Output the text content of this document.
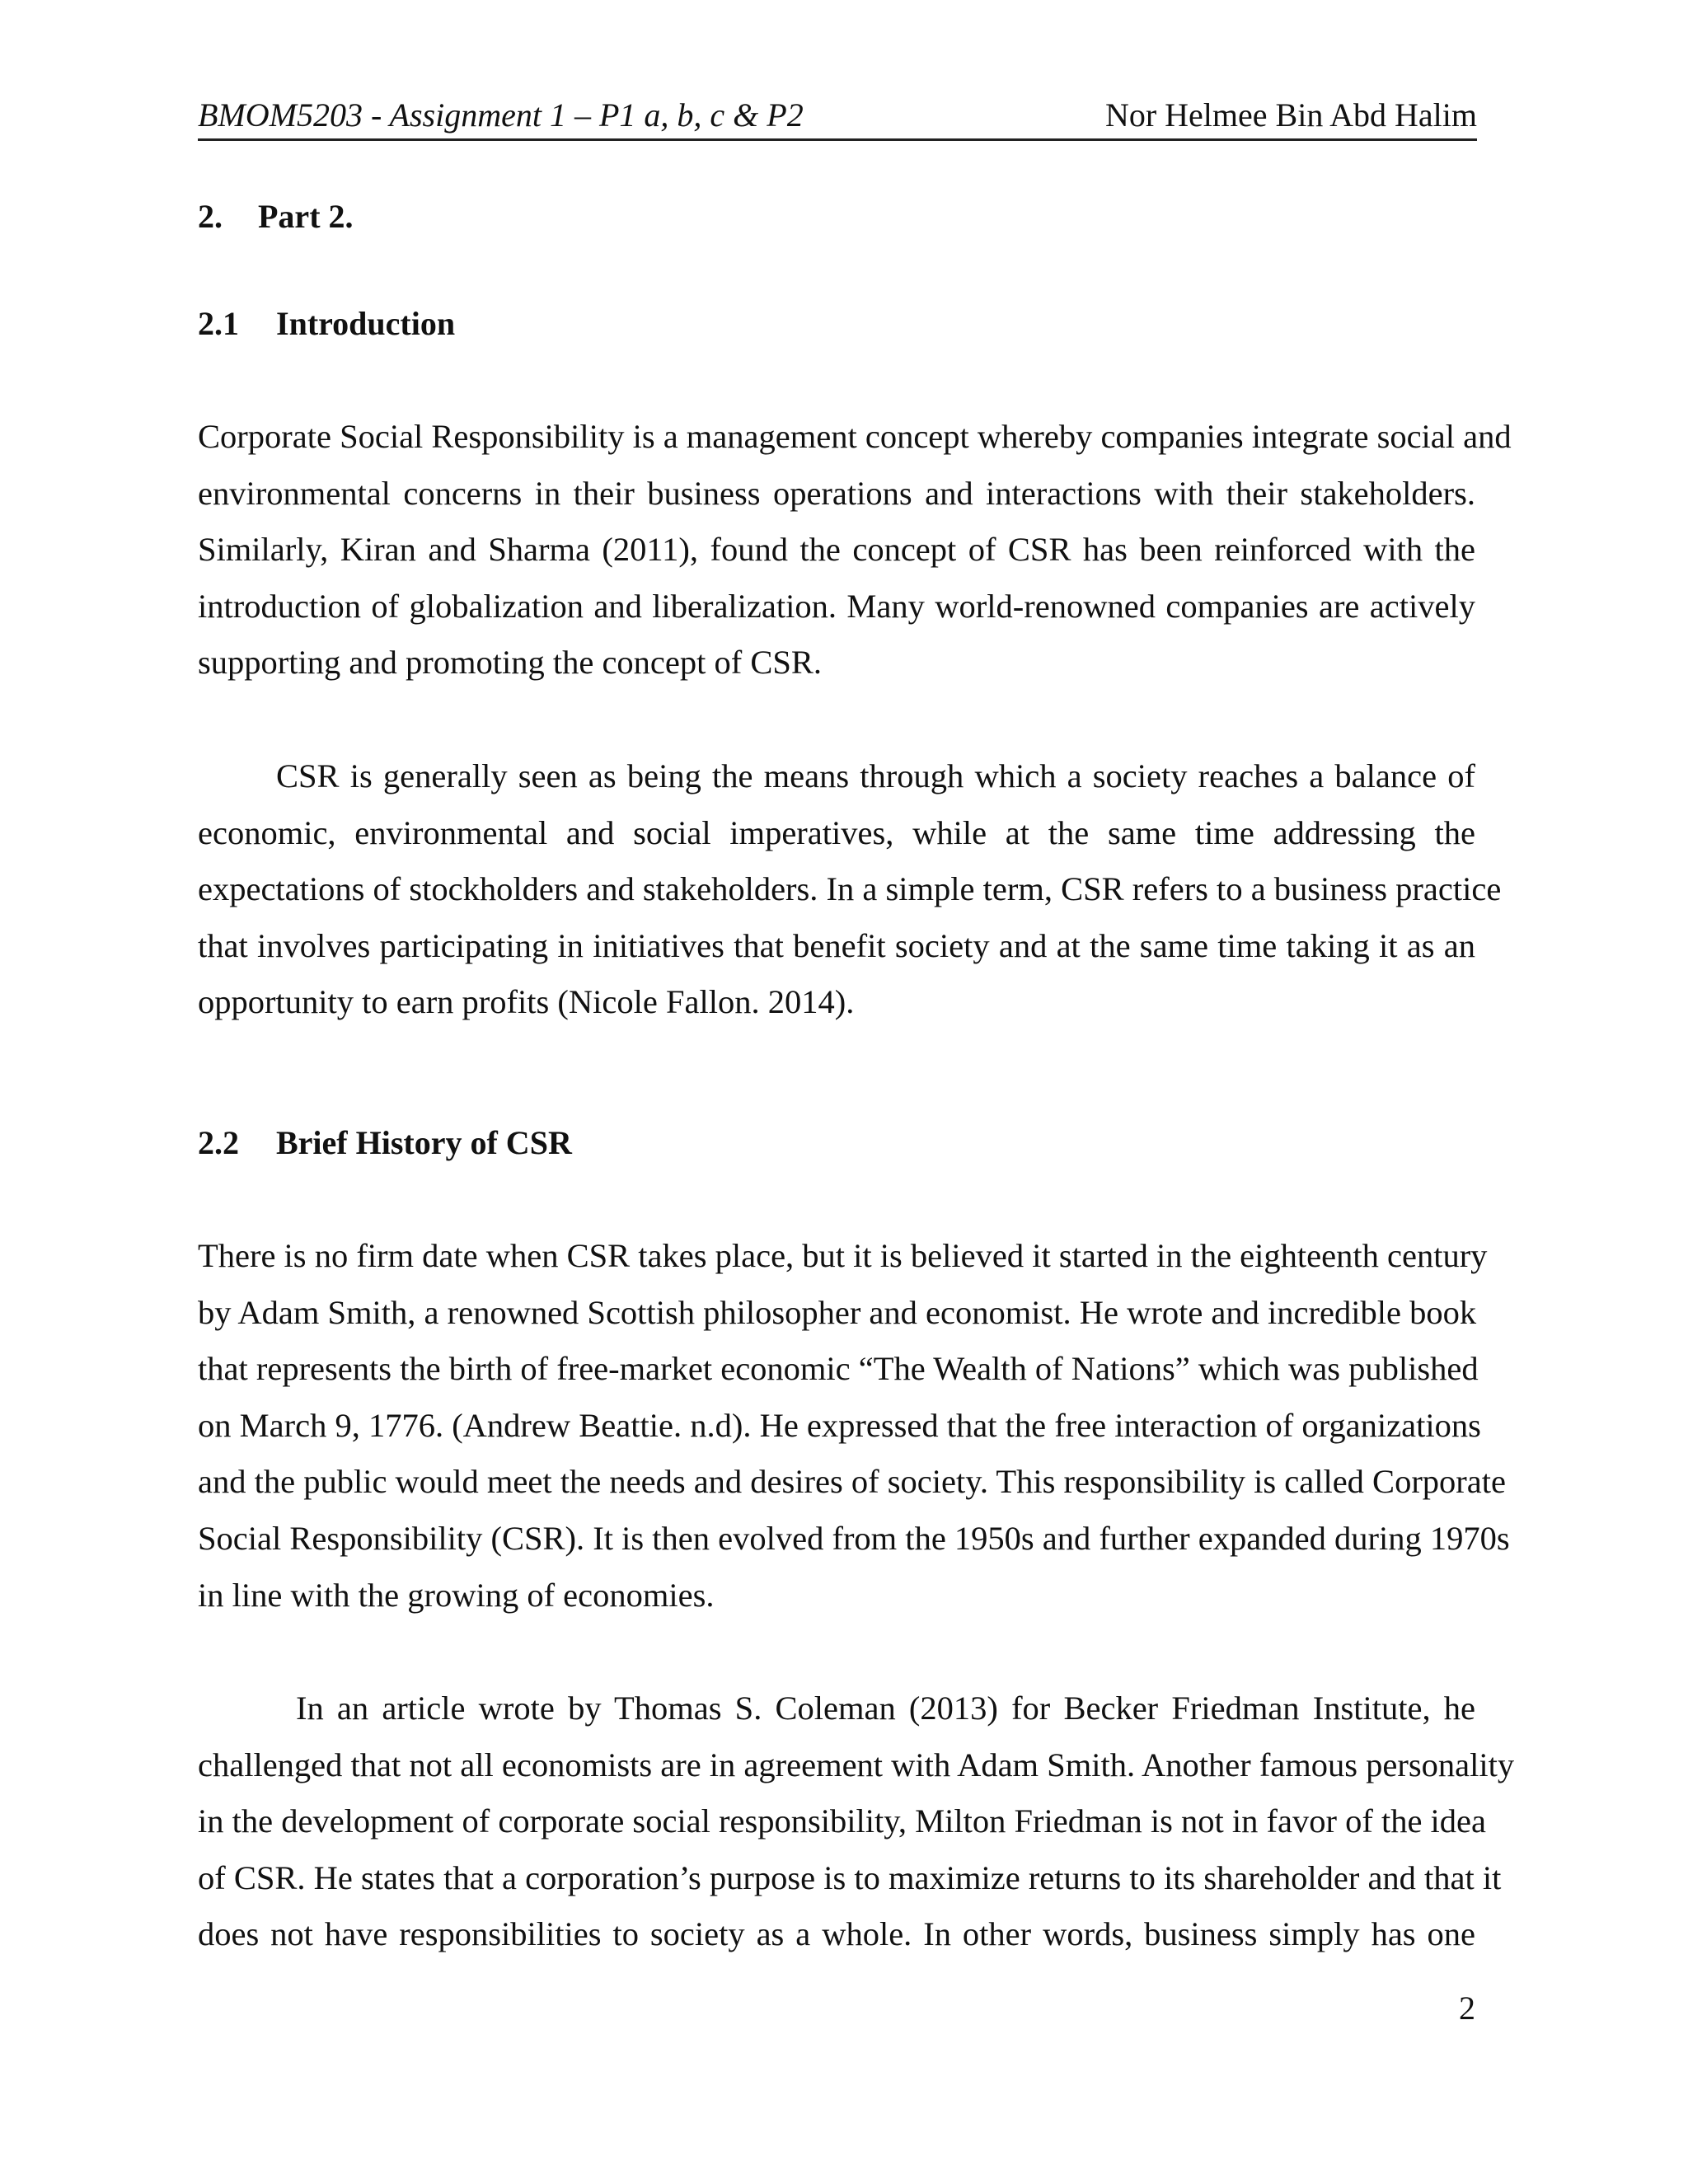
BMOM5203 - Assignment 1 – P1 a, b, c & P2	Nor Helmee Bin Abd Halim
2. Part 2.
2.1 Introduction
Corporate Social Responsibility is a management concept whereby companies integrate social and
environmental concerns in their business operations and interactions with their stakeholders.
Similarly, Kiran and Sharma (2011), found the concept of CSR has been reinforced with the
introduction of globalization and liberalization. Many world-renowned companies are actively
supporting and promoting the concept of CSR.
CSR is generally seen as being the means through which a society reaches a balance of
economic, environmental and social imperatives, while at the same time addressing the
expectations of stockholders and stakeholders. In a simple term, CSR refers to a business practice
that involves participating in initiatives that benefit society and at the same time taking it as an
opportunity to earn profits (Nicole Fallon. 2014).
2.2 Brief History of CSR
There is no firm date when CSR takes place, but it is believed it started in the eighteenth century
by Adam Smith, a renowned Scottish philosopher and economist. He wrote and incredible book
that represents the birth of free-market economic “The Wealth of Nations” which was published
on March 9, 1776. (Andrew Beattie. n.d). He expressed that the free interaction of organizations
and the public would meet the needs and desires of society. This responsibility is called Corporate
Social Responsibility (CSR). It is then evolved from the 1950s and further expanded during 1970s
in line with the growing of economies.
In an article wrote by Thomas S. Coleman (2013) for Becker Friedman Institute, he
challenged that not all economists are in agreement with Adam Smith. Another famous personality
in the development of corporate social responsibility, Milton Friedman is not in favor of the idea
of CSR. He states that a corporation’s purpose is to maximize returns to its shareholder and that it
does not have responsibilities to society as a whole. In other words, business simply has one
2
